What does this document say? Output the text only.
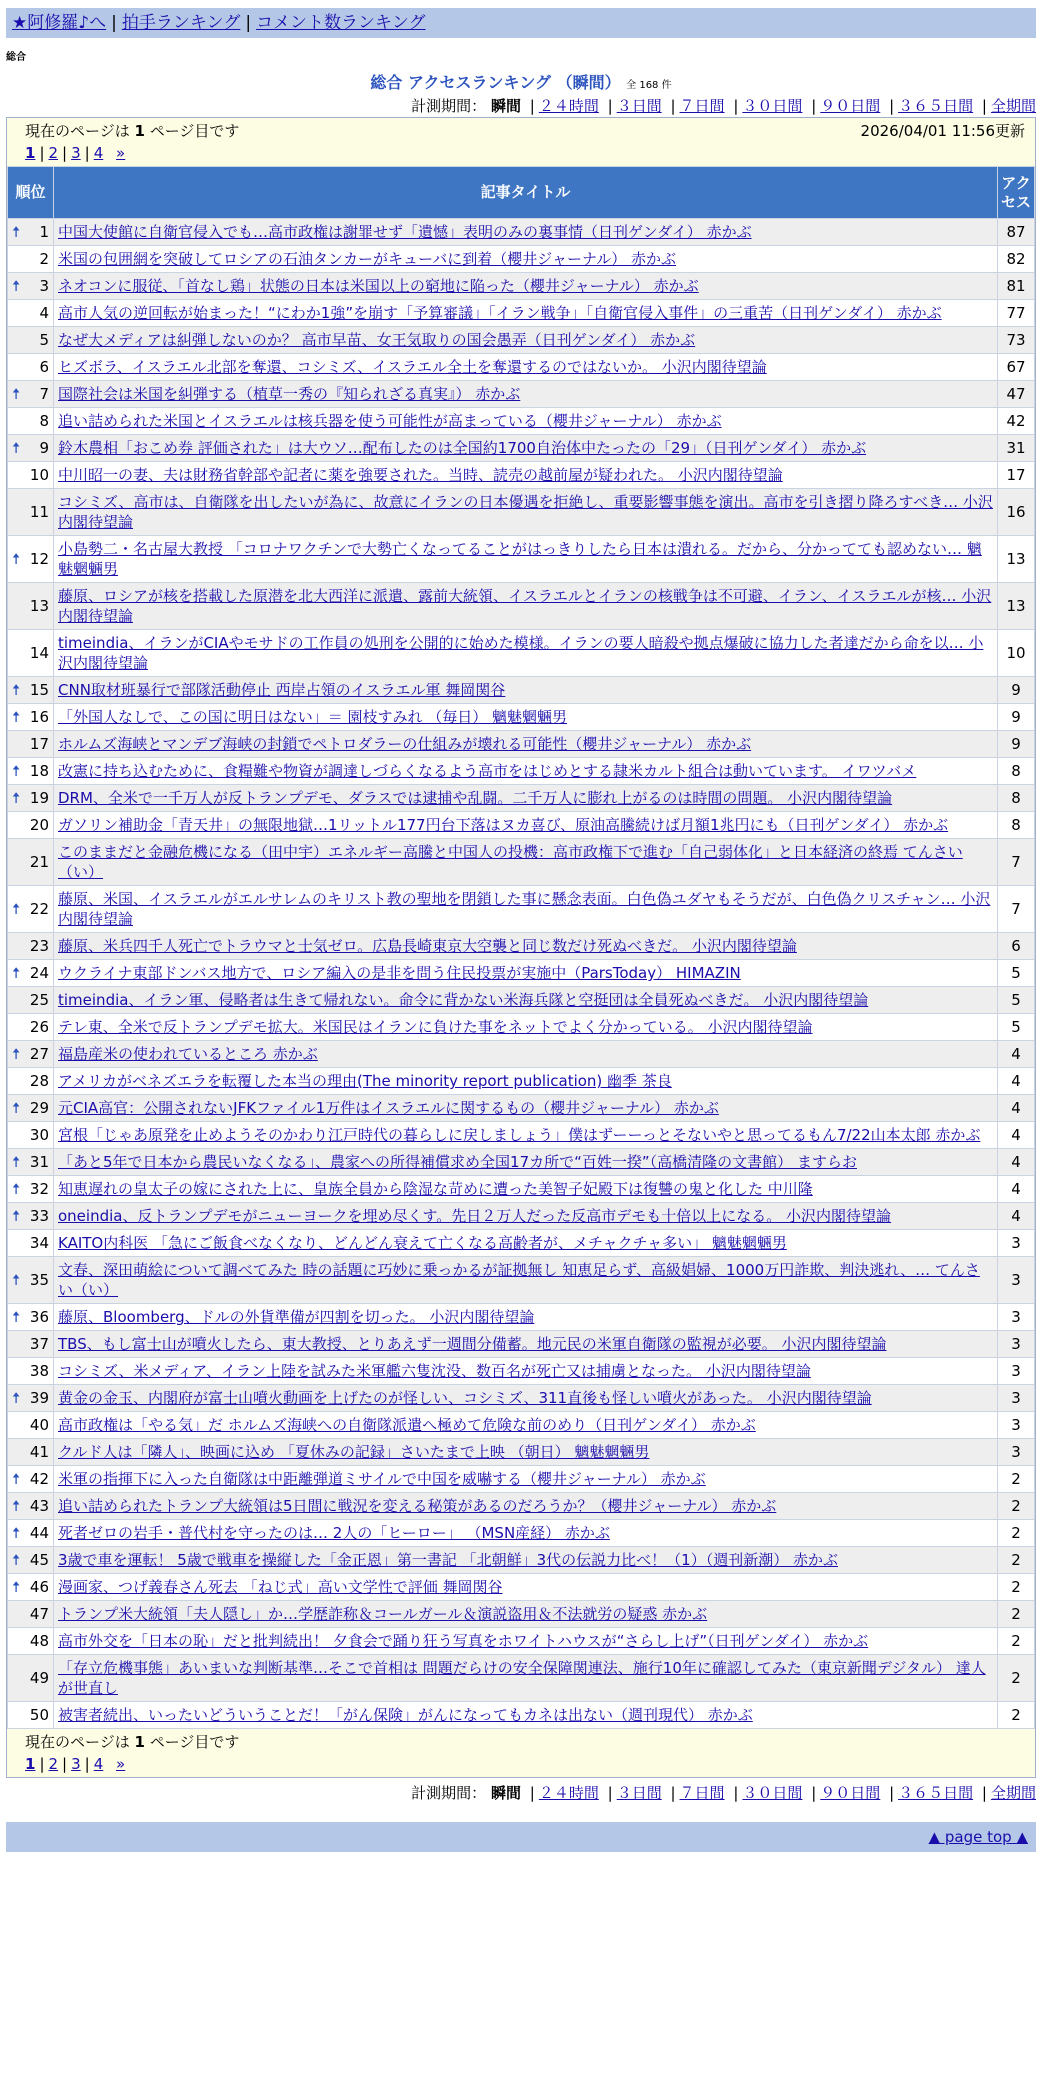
★阿修羅♪へ | 拍手ランキング | コメント数ランキング
総合
総合 アクセスランキング （瞬間） 全 168 件
計測期間： 瞬間 | ２４時間 | ３日間 | ７日間 | ３０日間 | ９０日間 | ３６５日間 | 全期間
現在のページは 1 ページ目です	2026/04/01 11:56更新
1 | 2 | 3 | 4 »
順位	記事タイトル	アクセス

🠅 1	中国大使館に自衛官侵入でも…高市政権は謝罪せず「遺憾」表明のみの裏事情（日刊ゲンダイ） 赤かぶ	87
2	米国の包囲網を突破してロシアの石油タンカーがキューバに到着（櫻井ジャーナル） 赤かぶ	82

🠅 3	ネオコンに服従、「首なし鶏」状態の日本は米国以上の窮地に陥った（櫻井ジャーナル） 赤かぶ	81
4	高市人気の逆回転が始まった！“にわか1強”を崩す「予算審議」「イラン戦争」「自衛官侵入事件」の三重苦（日刊ゲンダイ） 赤かぶ	77
5	なぜ大メディアは糾弾しないのか？ 高市早苗、女王気取りの国会愚弄（日刊ゲンダイ） 赤かぶ	73
6	ヒズボラ、イスラエル北部を奪還、コシミズ、イスラエル全土を奪還するのではないか。 小沢内閣待望論	67

🠅 7	国際社会は米国を糾弾する（植草一秀の『知られざる真実』） 赤かぶ	47
8	追い詰められた米国とイスラエルは核兵器を使う可能性が高まっている（櫻井ジャーナル） 赤かぶ	42

🠅 9	鈴木農相「おこめ券 評価された」は大ウソ…配布したのは全国約1700自治体中たったの「29」（日刊ゲンダイ） 赤かぶ	31
10	中川昭一の妻、夫は財務省幹部や記者に薬を強要された。当時、読売の越前屋が疑われた。 小沢内閣待望論	17
11	コシミズ、高市は、自衛隊を出したいが為に、故意にイランの日本優遇を拒絶し、重要影響事態を演出。高市を引き摺り降ろすべき… 小沢内閣待望論	16

🠅 12	小島勢二・名古屋大教授 「コロナワクチンで大勢亡くなってることがはっきりしたら日本は潰れる。だから、分かってても認めない… 魑魅魍魎男	13
13	藤原、ロシアが核を搭載した原潜を北大西洋に派遣、露前大統領、イスラエルとイランの核戦争は不可避、イラン、イスラエルが核… 小沢内閣待望論	13
14	timeindia、イランがCIAやモサドの工作員の処刑を公開的に始めた模様。イランの要人暗殺や拠点爆破に協力した者達だから命を以… 小沢内閣待望論	10

🠅 15	CNN取材班暴行で部隊活動停止 西岸占領のイスラエル軍 舞岡関谷	9

🠅 16	「外国人なしで、この国に明日はない」＝ 園枝すみれ （毎日） 魑魅魍魎男	9
17	ホルムズ海峡とマンデブ海峡の封鎖でペトロダラーの仕組みが壊れる可能性（櫻井ジャーナル） 赤かぶ	9

🠅 18	改憲に持ち込むために、食糧難や物資が調達しづらくなるよう高市をはじめとする隷米カルト組合は動いています。 イワツバメ	8

🠅 19	DRM、全米で一千万人が反トランプデモ、ダラスでは逮捕や乱闘。二千万人に膨れ上がるのは時間の問題。 小沢内閣待望論	8
20	ガソリン補助金「青天井」の無限地獄…1リットル177円台下落はヌカ喜び、原油高騰続けば月額1兆円にも（日刊ゲンダイ） 赤かぶ	8
21	このままだと金融危機になる（田中宇）エネルギー高騰と中国人の投機：高市政権下で進む「自己弱体化」と日本経済の終焉 てんさい（い）	7

🠅 22	藤原、米国、イスラエルがエルサレムのキリスト教の聖地を閉鎖した事に懸念表面。白色偽ユダヤもそうだが、白色偽クリスチャン… 小沢内閣待望論	7
23	藤原、米兵四千人死亡でトラウマと士気ゼロ。広島長崎東京大空襲と同じ数だけ死ぬべきだ。 小沢内閣待望論	6

🠅 24	ウクライナ東部ドンバス地方で、ロシア編入の是非を問う住民投票が実施中（ParsToday） HIMAZIN	5
25	timeindia、イラン軍、侵略者は生きて帰れない。命令に背かない米海兵隊と空挺団は全員死ぬべきだ。 小沢内閣待望論	5
26	テレ東、全米で反トランプデモ拡大。米国民はイランに負けた事をネットでよく分かっている。 小沢内閣待望論	5

🠅 27	福島産米の使われているところ 赤かぶ	4
28	アメリカがベネズエラを転覆した本当の理由(The minority report publication) 幽季 茶良	4

🠅 29	元CIA高官：公開されないJFKファイル1万件はイスラエルに関するもの（櫻井ジャーナル） 赤かぶ	4
30	宮根「じゃあ原発を止めようそのかわり江戸時代の暮らしに戻しましょう」僕はずーーっとそないやと思ってるもん7/22山本太郎 赤かぶ	4

🠅 31	「あと5年で日本から農民いなくなる」、農家への所得補償求め全国17カ所で“百姓一揆”（高橋清隆の文書館） ますらお	4

🠅 32	知恵遅れの皇太子の嫁にされた上に、皇族全員から陰湿な苛めに遭った美智子妃殿下は復讐の鬼と化した 中川隆	4

🠅 33	oneindia、反トランプデモがニューヨークを埋め尽くす。先日２万人だった反高市デモも十倍以上になる。 小沢内閣待望論	4
34	KAITO内科医 「急にご飯食べなくなり、どんどん衰えて亡くなる高齢者が、メチャクチャ多い」 魑魅魍魎男	3

🠅 35	文春、深田萌絵について調べてみた 時の話題に巧妙に乗っかるが証拠無し 知恵足らず、高級娼婦、1000万円詐欺、判決逃れ、… てんさい（い）	3

🠅 36	藤原、Bloomberg、ドルの外貨準備が四割を切った。 小沢内閣待望論	3
37	TBS、もし富士山が噴火したら、東大教授、とりあえず一週間分備蓄。地元民の米軍自衛隊の監視が必要。 小沢内閣待望論	3
38	コシミズ、米メディア、イラン上陸を試みた米軍艦六隻沈没、数百名が死亡又は捕虜となった。 小沢内閣待望論	3

🠅 39	黄金の金玉、内閣府が富士山噴火動画を上げたのが怪しい、コシミズ、311直後も怪しい噴火があった。 小沢内閣待望論	3
40	高市政権は「やる気」だ ホルムズ海峡への自衛隊派遣へ極めて危険な前のめり（日刊ゲンダイ） 赤かぶ	3
41	クルド人は「隣人」、映画に込め 「夏休みの記録」さいたまで上映 （朝日） 魑魅魍魎男	3

🠅 42	米軍の指揮下に入った自衛隊は中距離弾道ミサイルで中国を威嚇する（櫻井ジャーナル） 赤かぶ	2

🠅 43	追い詰められたトランプ大統領は5日間に戦況を変える秘策があるのだろうか？（櫻井ジャーナル） 赤かぶ	2

🠅 44	死者ゼロの岩手・普代村を守ったのは… 2人の「ヒーロー」 （MSN産経） 赤かぶ	2

🠅 45	3歳で車を運転！ 5歳で戦車を操縦した「金正恩」第一書記 「北朝鮮」3代の伝説力比べ！（1）（週刊新潮） 赤かぶ	2

🠅 46	漫画家、つげ義春さん死去 「ねじ式」高い文学性で評価 舞岡関谷	2
47	トランプ米大統領「夫人隠し」か…学歴詐称＆コールガール＆演説盗用＆不法就労の疑惑 赤かぶ	2
48	高市外交を「日本の恥」だと批判続出！ 夕食会で踊り狂う写真をホワイトハウスが“さらし上げ”（日刊ゲンダイ） 赤かぶ	2
49	「存立危機事態」あいまいな判断基準…そこで首相は 問題だらけの安全保障関連法、施行10年に確認してみた（東京新聞デジタル） 達人が世直し	2
50	被害者続出、いったいどういうことだ！「がん保険」がんになってもカネは出ない（週刊現代） 赤かぶ	2
現在のページは 1 ページ目です
1 | 2 | 3 | 4 »
計測期間： 瞬間 | ２４時間 | ３日間 | ７日間 | ３０日間 | ９０日間 | ３６５日間 | 全期間
▲ page top ▲
